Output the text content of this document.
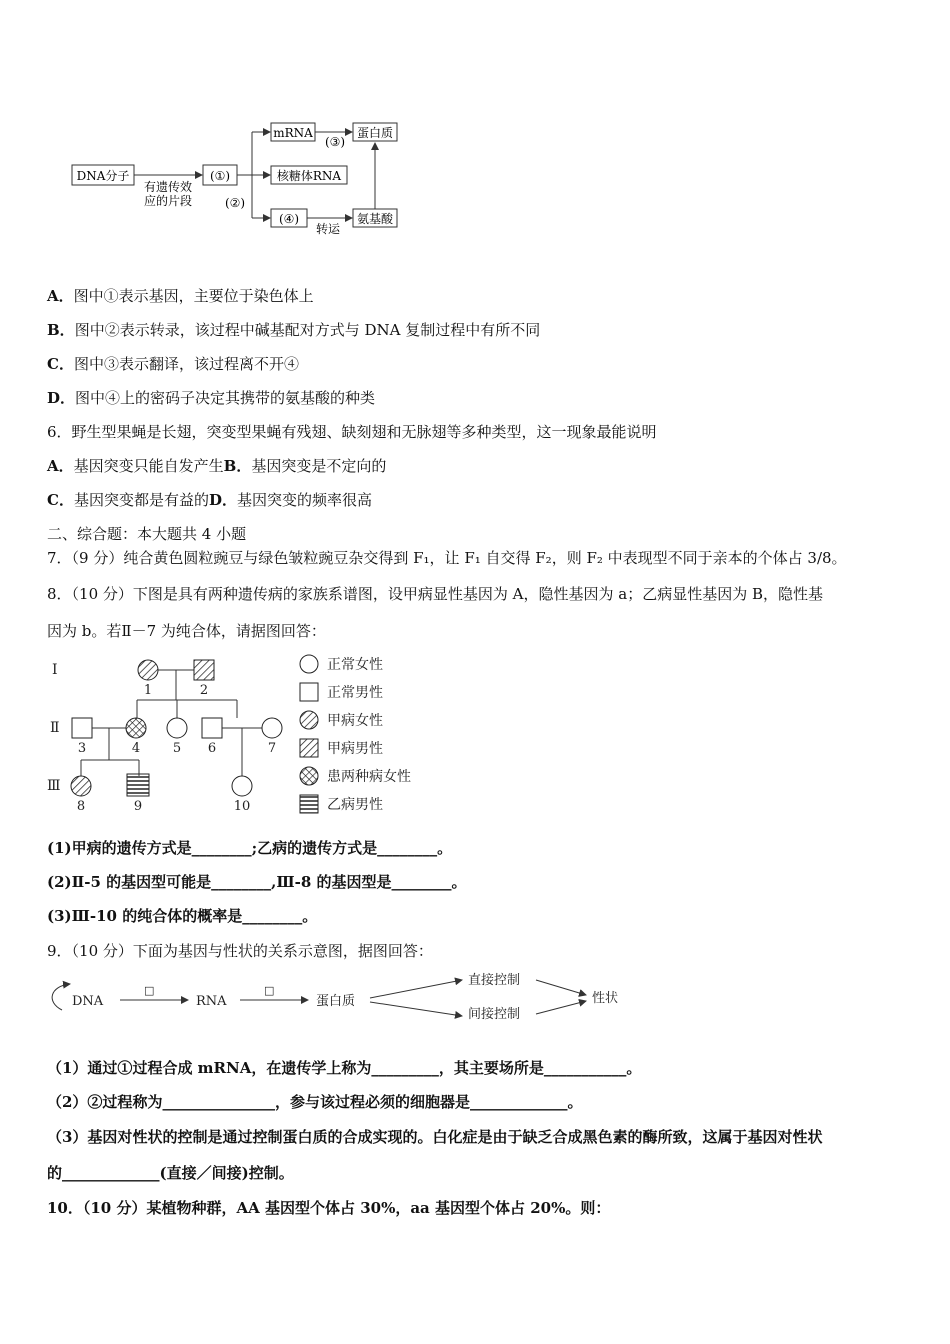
DNA分子
有遗传效
应的片段
(①)
(②)
mRNA
(③)
蛋白质
核糖体RNA
(④)
转运
氨基酸
A．图中①表示基因，主要位于染色体上
B．图中②表示转录，该过程中碱基配对方式与 DNA 复制过程中有所不同
C．图中③表示翻译，该过程离不开④
D．图中④上的密码子决定其携带的氨基酸的种类
6．野生型果蝇是长翅，突变型果蝇有残翅、缺刻翅和无脉翅等多种类型，这一现象最能说明
A．基因突变只能自发产生B．基因突变是不定向的
C．基因突变都是有益的D．基因突变的频率很高
二、综合题：本大题共 4 小题
7．（9 分）纯合黄色圆粒豌豆与绿色皱粒豌豆杂交得到 F₁，让 F₁ 自交得 F₂，则 F₂ 中表现型不同于亲本的个体占 3/8。
8．（10 分）下图是具有两种遗传病的家族系谱图，设甲病显性基因为 A，隐性基因为 a；乙病显性基因为 B，隐性基
因为 b。若Ⅱ－7 为纯合体，请据图回答：
Ⅰ
Ⅱ
Ⅲ
1	2
3	4	5 6	7
8	9	10
正常女性
正常男性
甲病女性
甲病男性
患两种病女性
乙病男性
(1)甲病的遗传方式是________;乙病的遗传方式是________。
(2)Ⅱ-5 的基因型可能是________,Ⅲ-8 的基因型是________。
(3)Ⅲ-10 的纯合体的概率是________。
9．（10 分）下面为基因与性状的关系示意图，据图回答：
DNA
□
RNA
□
蛋白质
直接控制
间接控制
性状
（1）通过①过程合成 mRNA，在遗传学上称为_________，其主要场所是___________。
（2）②过程称为_______________，参与该过程必须的细胞器是_____________。
（3）基因对性状的控制是通过控制蛋白质的合成实现的。白化症是由于缺乏合成黑色素的酶所致，这属于基因对性状
的_____________(直接／间接)控制。
10．（10 分）某植物种群，AA 基因型个体占 30%，aa 基因型个体占 20%。则：
